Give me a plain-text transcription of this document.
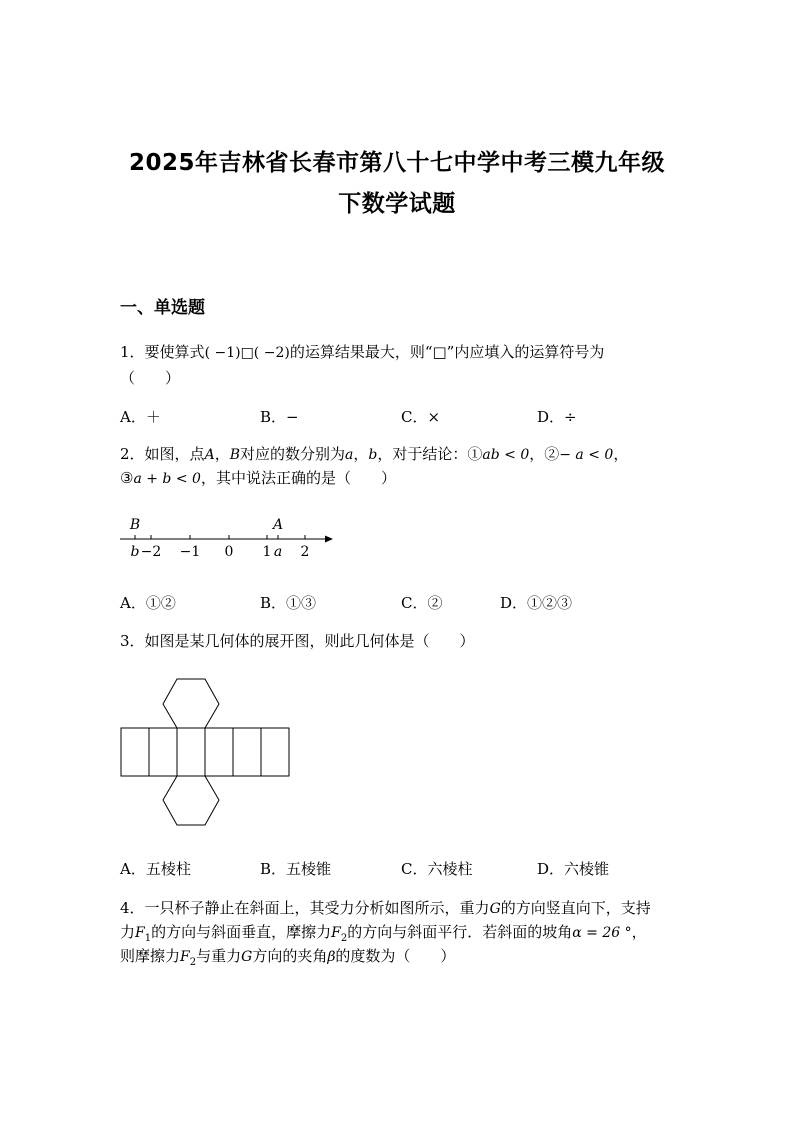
2025年吉林省长春市第八十七中学中考三模九年级
下数学试题
一、单选题
1．要使算式( −1)□( −2)的运算结果最大，则“□”内应填入的运算符号为
（　　）
A．＋	B．−	C．×	D．÷
2．如图，点A，B对应的数分别为a，b，对于结论：①ab < 0，②− a < 0，
③a + b < 0，其中说法正确的是（　　）
B	A
b −2 −1 0 1 a 2
A．①②	B．①③	C．②	D．①②③
3．如图是某几何体的展开图，则此几何体是（　　）
A．五棱柱	B．五棱锥	C．六棱柱	D．六棱锥
4．一只杯子静止在斜面上，其受力分析如图所示，重力G的方向竖直向下，支持
力$F_1$的方向与斜面垂直，摩擦力$F_2$的方向与斜面平行．若斜面的坡角α = 26 °，
则摩擦力$F_2$与重力G方向的夹角β的度数为（　　）
